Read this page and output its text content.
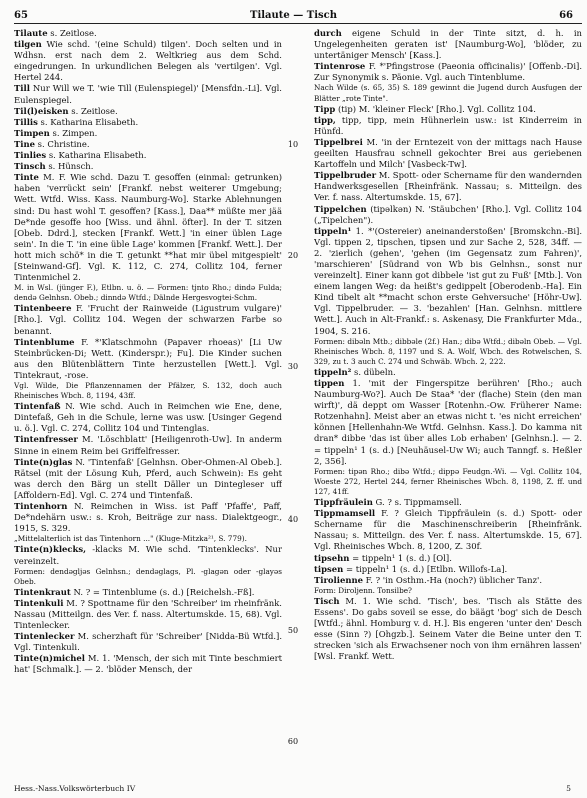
65	Tilaute — Tisch	66

Tilaute s. Zeitlose.

tilgen Wie schd. '(eine Schuld) tilgen'. Doch selten und in Wdhsn. erst nach dem 2. Weltkrieg aus dem Schd. eingedrungen. In urkundlichen Belegen als 'vertilgen'. Vgl. Hertel 244.

Till Nur Will we T. 'wie Till (Eulenspiegel)' [Mensfdn.-Li]. Vgl. Eulenspiegel.

Til(l)eisken s. Zeitlose.

Tillis s. Katharina Elisabeth.

Timpen s. Zimpen.

Tine s. Christine.

Tinlies s. Katharina Elisabeth.

Tinsch s. Hünsch.

Tinte M. F. Wie schd. Dazu T. gesoffen (einmal: getrunken) haben 'verrückt sein' [Frankf. nebst weiterer Umgebung; Wett. Wtfd. Wiss. Kass. Naumburg-Wo]. Starke Ablehnungen sind: Du hast wohl T. gesoffen? [Kass.], Daa** müßte mer jää De*nde gesoffe hoo [Wiss. und ähnl. öfter]. In der T. sitzen [Obeb. Ddrd.], stecken [Frankf. Wett.] 'in einer üblen Lage sein'. In die T. 'in eine üble Lage' kommen [Frankf. Wett.]. Der hott mich schö* in die T. getunkt **hat mir übel mitgespielt' [Steinwand-Gf]. Vgl. K. 112, C. 274, Collitz 104, ferner Tintenmichel 2.

M. in Wsl. (jünger F.), Etlbn. u. ö. — Formen: tjnto Rho.; dində Fulda; dendə Gelnhsn. Obeb.; dinndə Wtfd.; Dälnde Hergesvogtei-Schm.

Tintenbeere F. 'Frucht der Rainweide (Ligustrum vulgare)' [Rho.]. Vgl. Collitz 104. Wegen der schwarzen Farbe so benannt.

Tintenblume F. *'Klatschmohn (Papaver rhoeas)' [Li Uw Steinbrücken-Di; Wett. (Kinderspr.); Fu]. Die Kinder suchen aus den Blütenblättern Tinte herzustellen [Wett.]. Vgl. Tintekraut, -rose.

Vgl. Wilde, Die Pflanzennamen der Pfälzer, S. 132, doch auch Rheinisches Wbch. 8, 1194, 43ff.

Tintenfaß N. Wie schd. Auch in Reimchen wie Ene, dene, Dintefaß, Geh in die Schule, lerne was usw. [Usinger Gegend u. ö.]. Vgl. C. 274, Collitz 104 und Tintenglas.

Tintenfresser M. 'Löschblatt' [Heiligenroth-Uw]. In anderm Sinne in einem Reim bei Griffelfresser.

Tinte(n)glas N. 'Tintenfaß' [Gelnhsn. Ober-Ohmen-Al Obeb.]. Rätsel (mit der Lösung Kuh, Pferd, auch Schwein): Es geht was derch den Bärg un stellt Däller un Dintegleser uff [Affoldern-Ed]. Vgl. C. 274 und Tintenfaß.

Tintenhorn N. Reimchen in Wiss. ist Paff 'Pfaffe', Paff, De*ndehärn usw.: s. Kroh, Beiträge zur nass. Dialektgeogr., 1915, S. 329.

„Mittelalterlich ist das Tintenhorn ..." (Kluge-Mitzka²¹, S. 779).

Tinte(n)klecks, -klacks M. Wie schd. 'Tintenklecks'. Nur vereinzelt.

Formen: dendəgljəs Gelnhsn.; dendəglags, Pl. -glagən oder -glayəs Obeb.

Tintenkraut N. ? = Tintenblume (s. d.) [Reichelsh.-Fß].

Tintenkuli M. ? Spottname für den 'Schreiber' im rheinfränk. Nassau (Mitteilgn. des Ver. f. nass. Altertumskde. 15, 68). Vgl. Tintenlecker.

Tintenlecker M. scherzhaft für 'Schreiber' [Nidda-Bü Wtfd.]. Vgl. Tintenkuli.

Tinte(n)michel M. 1. 'Mensch, der sich mit Tinte beschmiert hat' [Schmalk.]. — 2. 'blöder Mensch, der

10
20
30
40
50
60

durch eigene Schuld in der Tinte sitzt, d. h. in Ungelegenheiten geraten ist' [Naumburg-Wo], 'blöder, zu untertäniger Mensch' [Kass.].

Tintenrose F. *'Pfingstrose (Paeonia officinalis)' [Offenb.-Di]. Zur Synonymik s. Päonie. Vgl. auch Tintenblume.

Nach Wilde (s. 65, 35) S. 189 gewinnt die Jugend durch Ausfugen der Blätter „rote Tinte".

Tipp (tip) M. 'kleiner Fleck' [Rho.]. Vgl. Collitz 104.

tipp, tipp, tipp, mein Hühnerlein usw.: ist Kinderreim in Hünfd.

Tippelbrei M. 'in der Erntezeit von der mittags nach Hause geeilten Hausfrau schnell gekochter Brei aus geriebenen Kartoffeln und Milch' [Vasbeck-Tw].

Tippelbruder M. Spott- oder Schername für den wandernden Handwerksgesellen [Rheinfränk. Nassau; s. Mitteilgn. des Ver. f. nass. Altertumskde. 15, 67].

Tippelchen (tipəlkən) N. 'Stäubchen' [Rho.]. Vgl. Collitz 104 („Tipelchen").

tippeln¹ 1. *'(Ostereier) aneinanderstoßen' [Bromskchn.-Bi]. Vgl. tippen 2, tipschen, tipsen und zur Sache 2, 528, 34ff. — 2. 'zierlich (gehen', 'gehen (im Gegensatz zum Fahren)', 'marschieren' [Südrand von Wb bis Gelnhsn., sonst nur vereinzelt]. Einer kann got dibbele 'ist gut zu Fuß' [Mtb.]. Von einem langen Weg: da heißt's gedippelt [Oberodenb.-Ha]. Ein Kind tibelt alt **macht schon erste Gehversuche' [Höhr-Uw]. Vgl. Tippelbruder. — 3. 'bezahlen' [Han. Gelnhsn. mittlere Wett.]. Auch in Alt-Frankf.: s. Askenasy, Die Frankfurter Mda., 1904, S. 216.

Formen: dibəln Mtb.; dibbəle (2f.) Han.; dibə Wtfd.; dibəln Obeb. — Vgl. Rheinisches Wbch. 8, 1197 und S. A. Wolf, Wbch. des Rotwelschen, S. 329, zu t. 3 auch C. 274 und Schwäb. Wbch. 2, 222.

tippeln² s. dübeln.

tippen 1. 'mit der Fingerspitze berühren' [Rho.; auch Naumburg-Wo?]. Auch De Staa* 'der (flache) Stein (den man wirft)', dä deppt om Wasser [Rotenhn.-Ow. Früherer Name: Rotzenhahn]. Meist aber an etwas nicht t. 'es nicht erreichen' können [Hellenhahn-We Wtfd. Gelnhsn. Kass.]. Do kamma nit dran* dibbe 'das ist über alles Lob erhaben' [Gelnhsn.]. — 2. = tippeln¹ 1 (s. d.) [Neuhäusel-Uw Wi; auch Tanngf. s. Heßler 2, 356].

Formen: tipən Rho.; dibə Wtfd.; dippə Feudgn.-Wi. — Vgl. Collitz 104, Woeste 272, Hertel 244, ferner Rheinisches Wbch. 8, 1198, Z. ff. und 127, 41ff.

Tippfräulein G. ? s. Tippmamsell.

Tippmamsell F. ? Gleich Tippfräulein (s. d.) Spott- oder Schername für die Maschinenschreiberin [Rheinfränk. Nassau; s. Mitteilgn. des Ver. f. nass. Altertumskde. 15, 67]. Vgl. Rheinisches Wbch. 8, 1200, Z. 30f.

tipsehn = tippeln¹ 1 (s. d.) [Ol].

tipsen = tippeln¹ 1 (s. d.) [Etlbn. Willofs-La].

Tirolienne F. ? 'in Osthm.-Ha (noch?) üblicher Tanz'.

Form: Diroljenn. Tonsilbe?

Tisch M. 1. Wie schd. 'Tisch', bes. 'Tisch als Stätte des Essens'. Do gabs soveil se esse, do bäägt 'bog' sich de Desch [Wtfd.; ähnl. Homburg v. d. H.]. Bis engeren 'unter den' Desch esse (Sinn ?) [Ohgzb.]. Seinem Vater die Beine unter den T. strecken 'sich als Erwachsener noch von ihm ernähren lassen' [Wsl. Frankf. Wett.

Hess.-Nass.Volkswörterbuch IV	5
